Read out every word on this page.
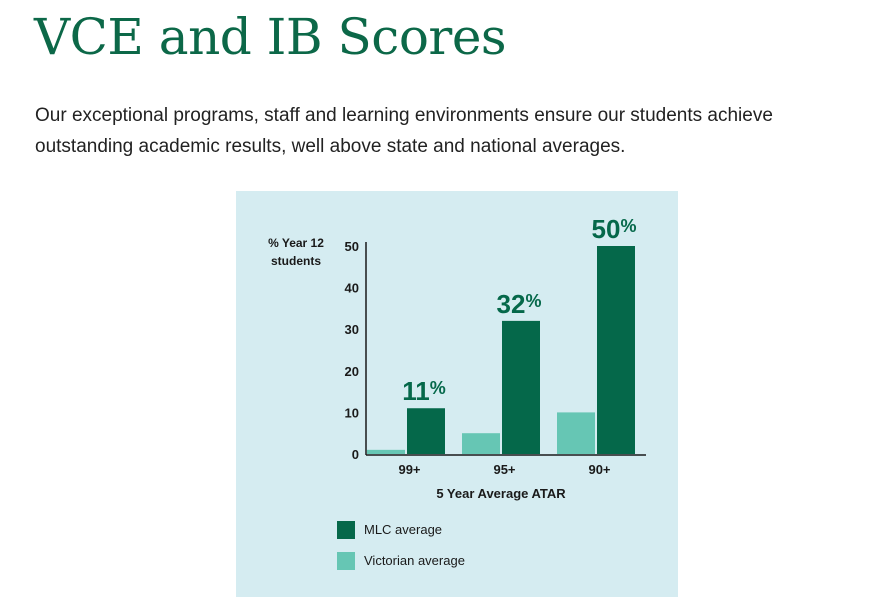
VCE and IB Scores

Our exceptional programs, staff and learning environments ensure our students achieve outstanding academic results, well above state and national averages.

% Year 12 students
0
10
20
30
40
50
11%
99+
32%
95+
50%
90+
5 Year Average ATAR
MLC average
Victorian average
